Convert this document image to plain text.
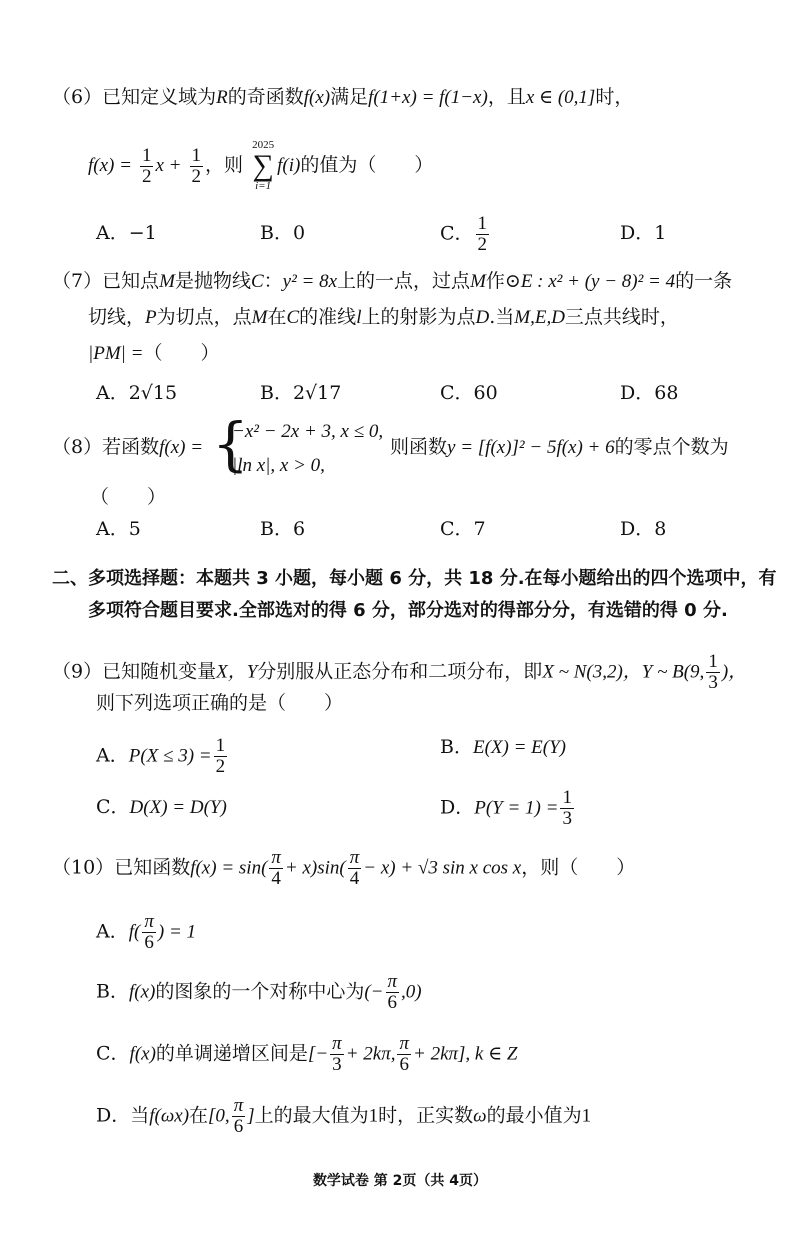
（6）已知定义域为R的奇函数f(x)满足f(1+x) = f(1−x)，且x ∈ (0,1]时，
$f(x) = \frac{1}{2}$ $x + \frac{1}{2}$ ，则
2025
∑
i=1
f(i)的值为（　　）
A．−1	B．0	C． $\frac{1}{2}$	D．1
（7）已知点M是抛物线C：y² = 8x上的一点，过点M作⊙E : x² + (y − 8)² = 4的一条
切线，P为切点，点M在C的准线l上的射影为点D.当M,E,D三点共线时，
|PM| =（　　）
A．2√15	B．2√17	C．60	D．68
（8）若函数f(x) = {
−x² − 2x + 3, x ≤ 0,
|ln x|, x > 0,
则函数y = [f(x)]² − 5f(x) + 6的零点个数为
（　　）
A．5	B．6	C．7	D．8
二、多项选择题：本题共 3 小题，每小题 6 分，共 18 分.在每小题给出的四个选项中，有
多项符合题目要求.全部选对的得 6 分，部分选对的得部分分，有选错的得 0 分.
（9）已知随机变量X，Y分别服从正态分布和二项分布，即X ~ N(3,2)，Y ~ B(9, $\frac{1}{3}$ )，
则下列选项正确的是（　　）
A．$P(X \le 3) = \frac{1}{2}$	B．E(X) = E(Y)
C．D(X) = D(Y)	D．$P(Y = 1) = \frac{1}{3}$
（10）已知函数$f(x) = \sin( \frac{\pi}{4} + x)\sin( \frac{\pi}{4} - x) + √3$ sin x cos x，则（　　）
A．$f( \frac{\pi}{6}$ ) = 1
B．f(x)的图象的一个对称中心为(− $\frac{\pi}{6} ,0$)
C．f(x)的单调递增区间是[− $\frac{\pi}{3} + 2k\pi$, $\frac{\pi}{6} + 2k\pi$], k ∈ Z
D．当f(ωx)在[0, $\frac{\pi}{6}$ ]上的最大值为1时，正实数ω的最小值为1
数学试卷 第 2页（共 4页）
